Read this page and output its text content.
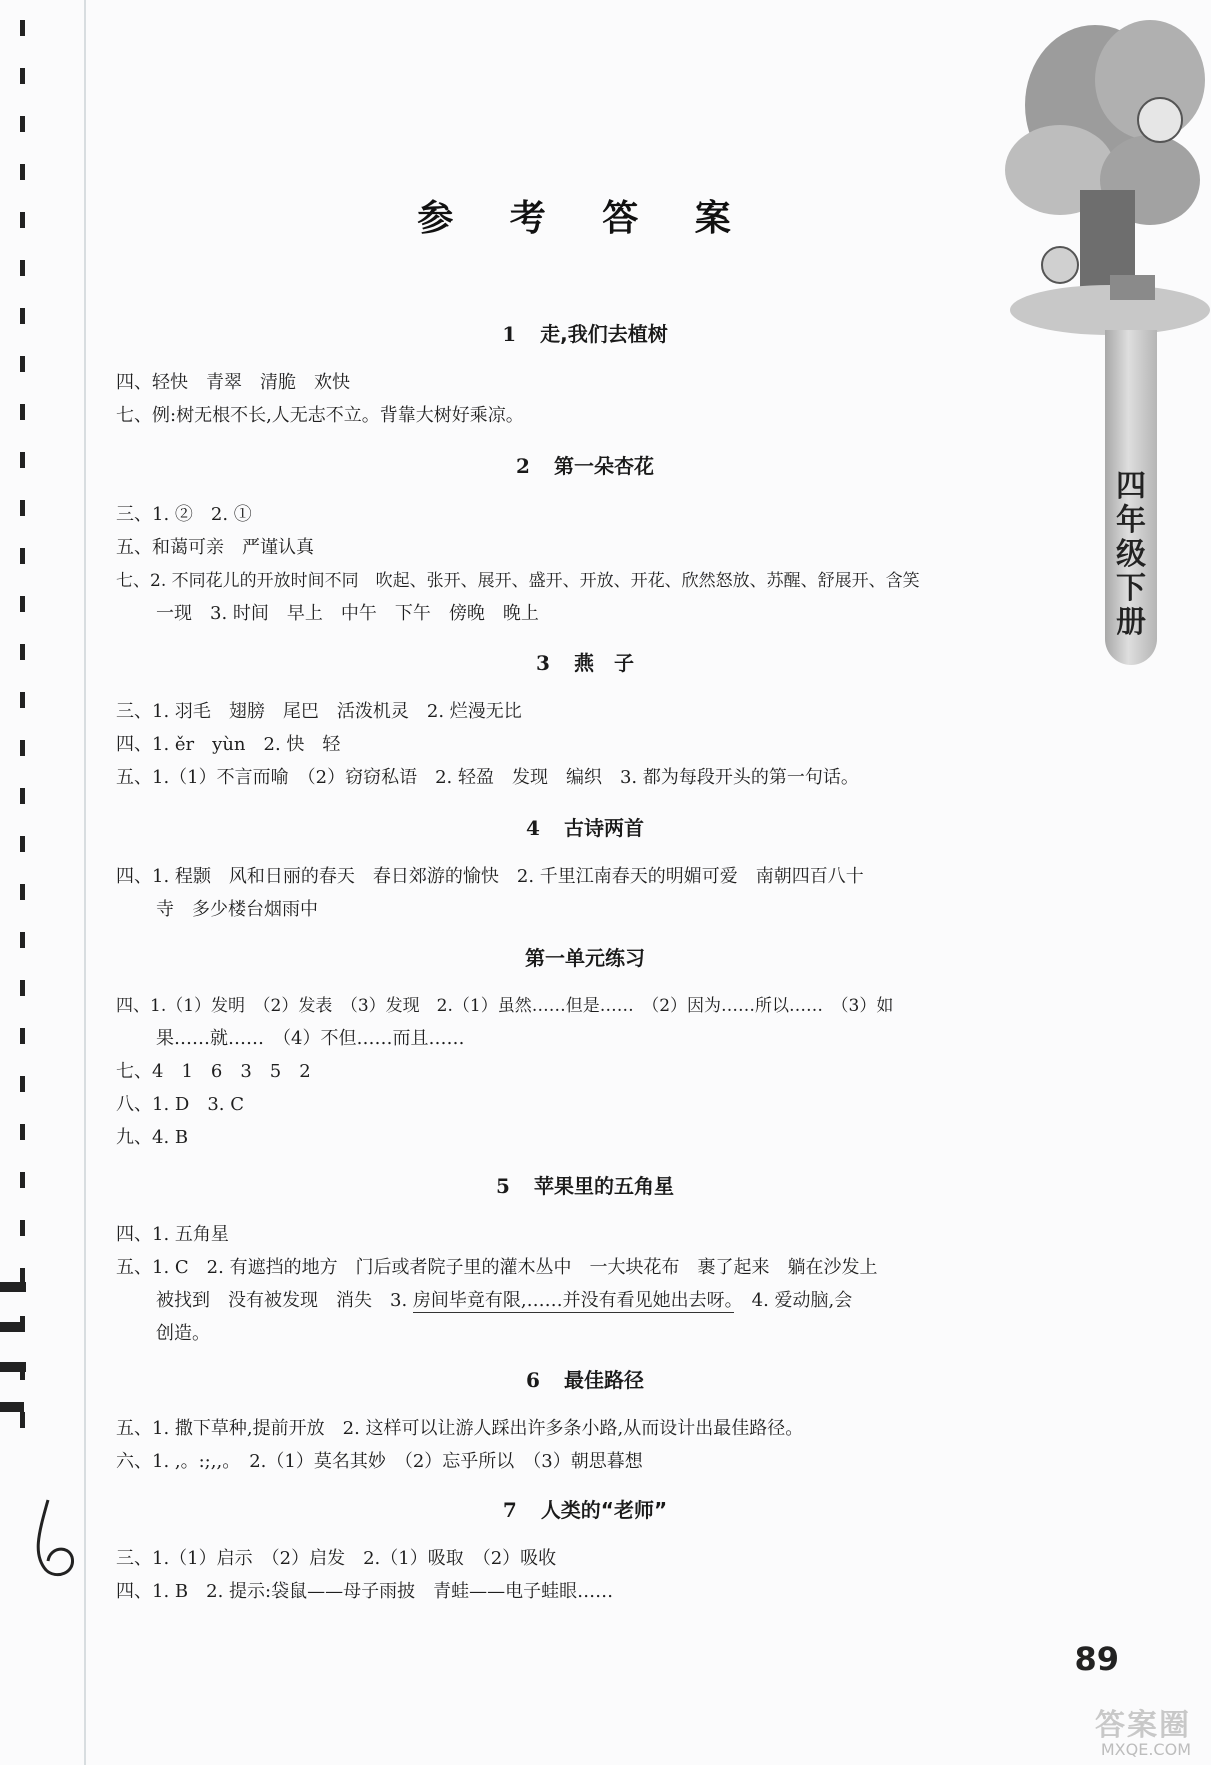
四
年
级
下
册
参 考 答 案
1 走,我们去植树
四、轻快　青翠　清脆　欢快
七、例:树无根不长,人无志不立。背靠大树好乘凉。
2 第一朵杏花
三、1. ②　2. ①
五、和蔼可亲　严谨认真
七、2. 不同花儿的开放时间不同　吹起、张开、展开、盛开、开放、开花、欣然怒放、苏醒、舒展开、含笑
一现　3. 时间　早上　中午　下午　傍晚　晚上
3 燕　子
三、1. 羽毛　翅膀　尾巴　活泼机灵　2. 烂漫无比
四、1. ěr　yùn　2. 快　轻
五、1.（1）不言而喻　（2）窃窃私语　2. 轻盈　发现　编织　3. 都为每段开头的第一句话。
4 古诗两首
四、1. 程颢　风和日丽的春天　春日郊游的愉快　2. 千里江南春天的明媚可爱　南朝四百八十
寺　多少楼台烟雨中
第一单元练习
四、1.（1）发明　（2）发表　（3）发现　2.（1）虽然……但是……　（2）因为……所以……　（3）如
果……就……　（4）不但……而且……
七、4　1　6　3　5　2
八、1. D　3. C
九、4. B
5 苹果里的五角星
四、1. 五角星
五、1. C　2. 有遮挡的地方　门后或者院子里的灌木丛中　一大块花布　裹了起来　躺在沙发上
被找到　没有被发现　消失　3. 房间毕竟有限,……并没有看见她出去呀。　4. 爱动脑,会
创造。
6 最佳路径
五、1. 撒下草种,提前开放　2. 这样可以让游人踩出许多条小路,从而设计出最佳路径。
六、1. ,。:;,,。　2.（1）莫名其妙　（2）忘乎所以　（3）朝思暮想
7 人类的“老师”
三、1.（1）启示　（2）启发　2.（1）吸取　（2）吸收
四、1. B　2. 提示:袋鼠——母子雨披　青蛙——电子蛙眼……
89
答案圈
MXQE.COM
